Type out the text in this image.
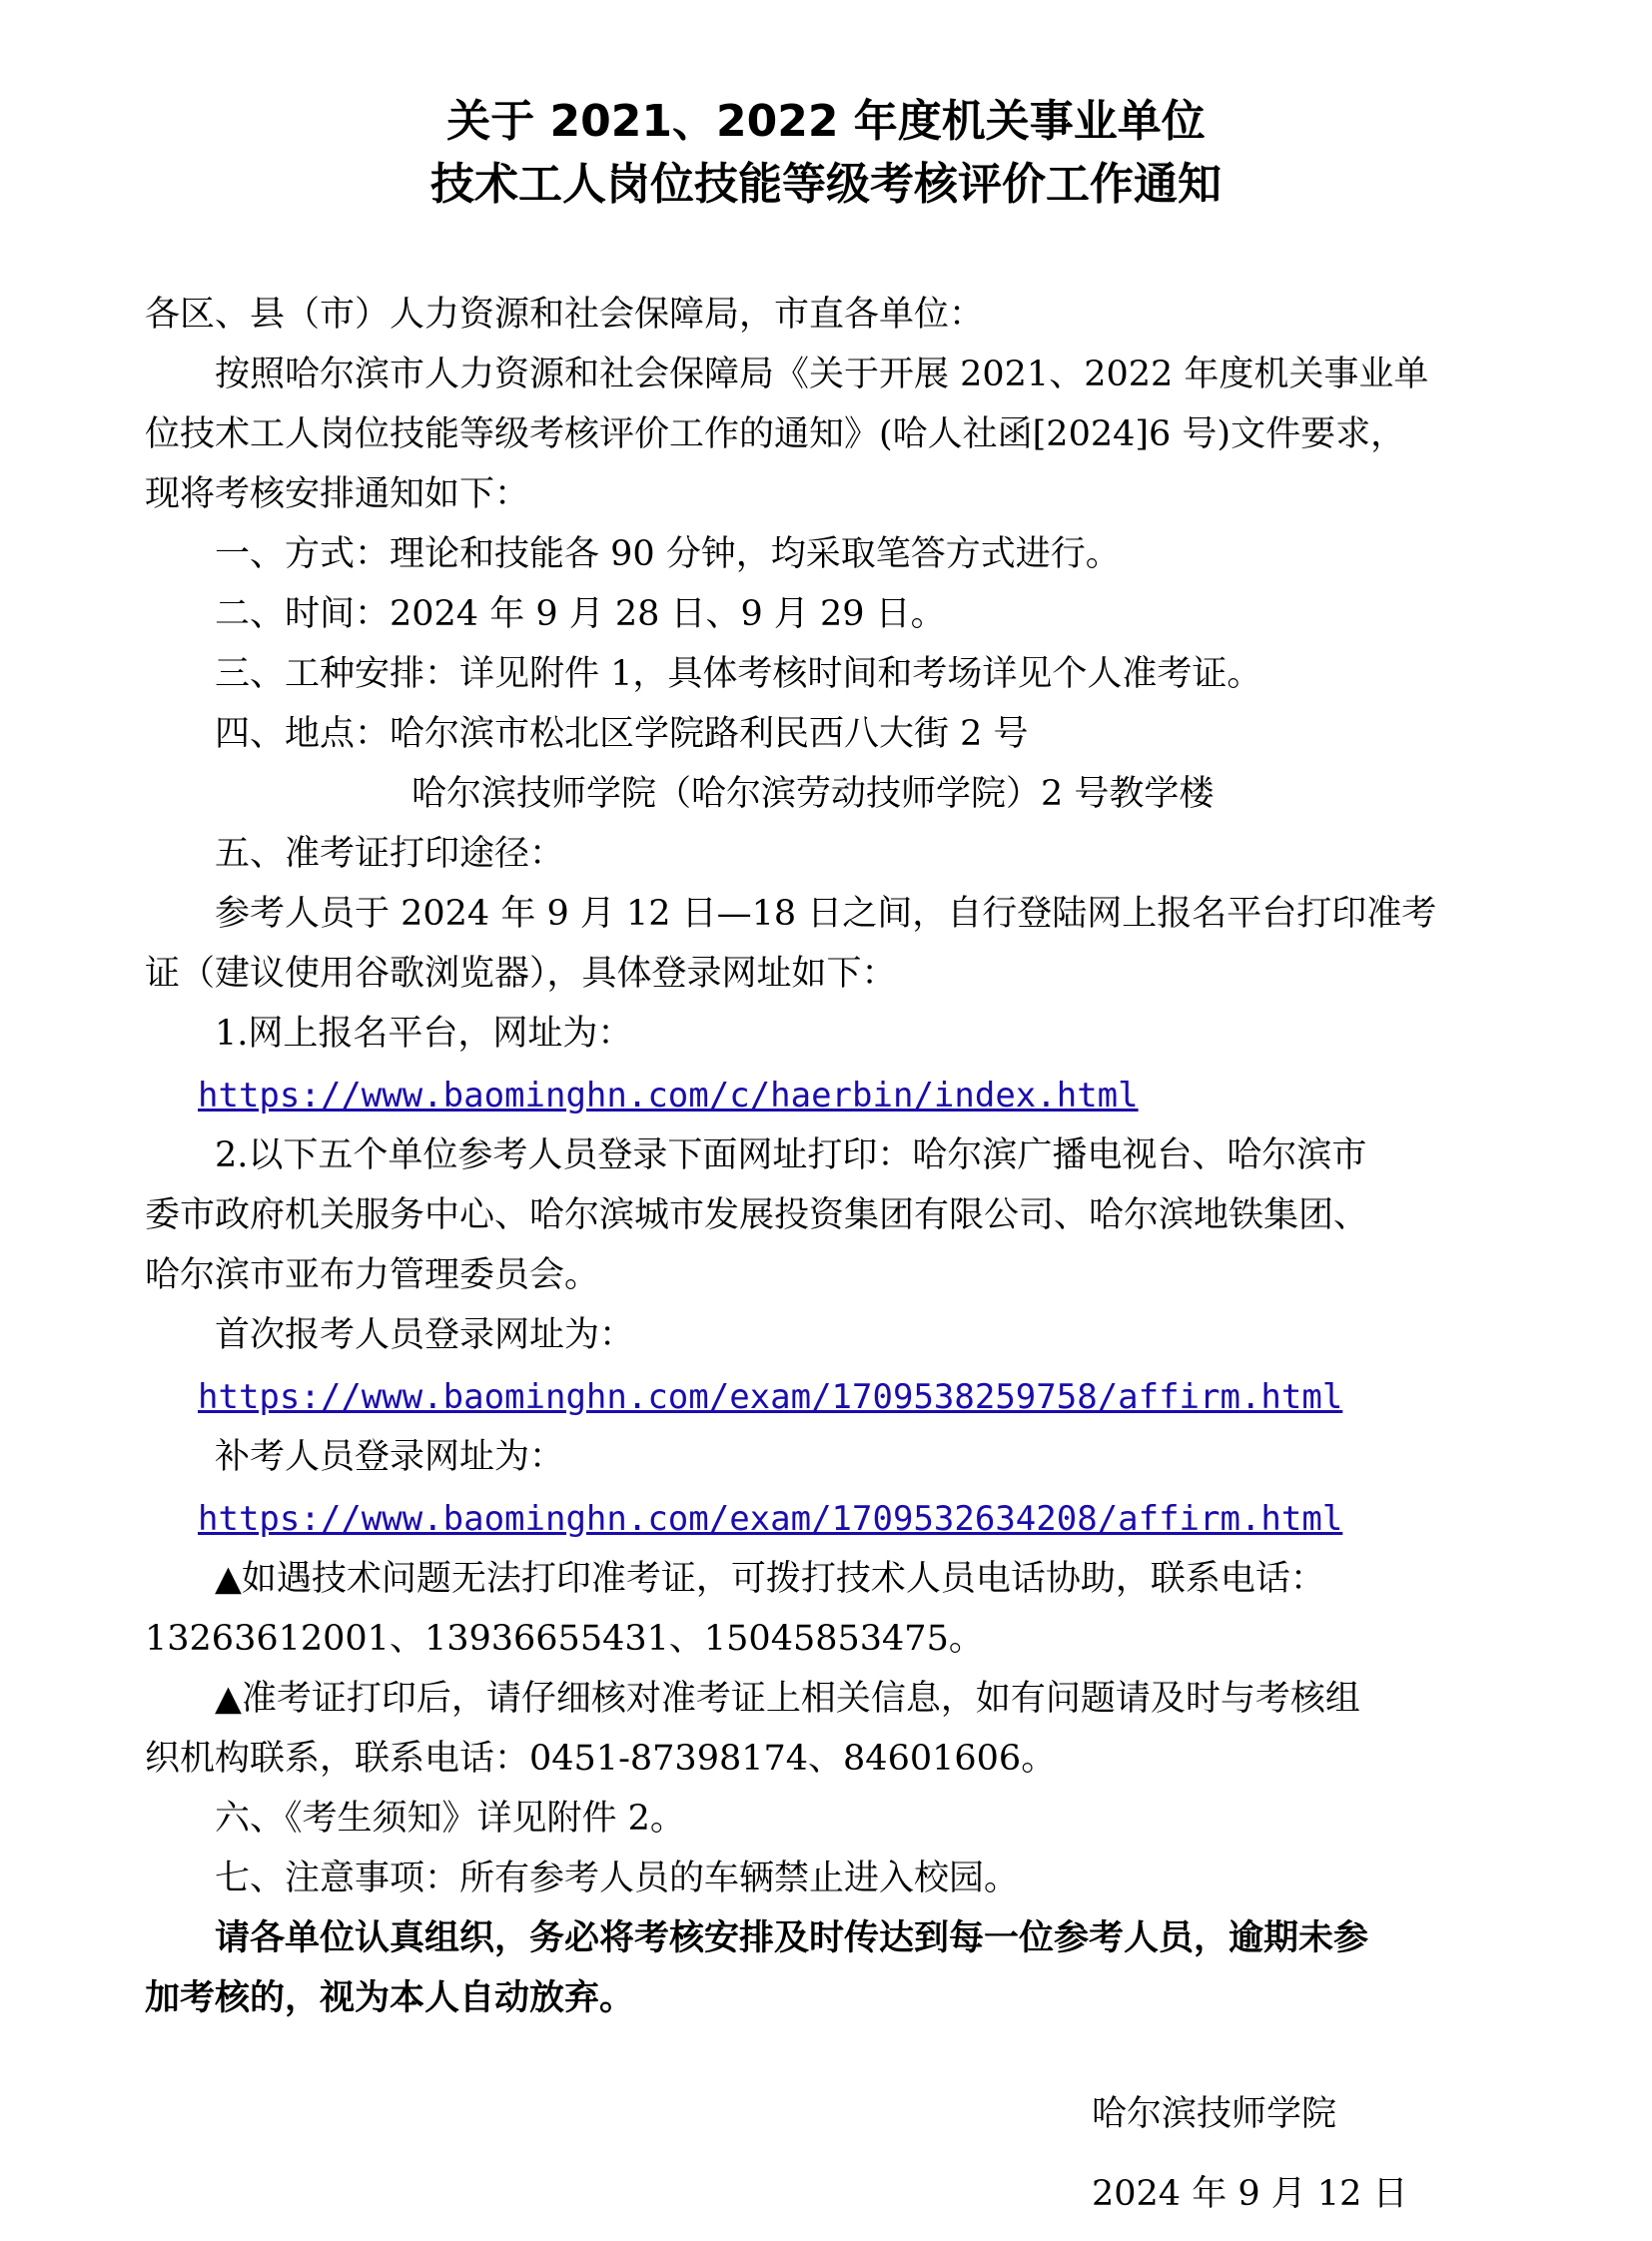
关于 2021、2022 年度机关事业单位
技术工人岗位技能等级考核评价工作通知
各区、县（市）人力资源和社会保障局，市直各单位：
按照哈尔滨市人力资源和社会保障局《关于开展 2021、2022 年度机关事业单
位技术工人岗位技能等级考核评价工作的通知》(哈人社函[2024]6 号)文件要求，
现将考核安排通知如下：
一、方式：理论和技能各 90 分钟，均采取笔答方式进行。
二、时间：2024 年 9 月 28 日、9 月 29 日。
三、工种安排：详见附件 1，具体考核时间和考场详见个人准考证。
四、地点：哈尔滨市松北区学院路利民西八大街 2 号
哈尔滨技师学院（哈尔滨劳动技师学院）2 号教学楼
五、准考证打印途径：
参考人员于 2024 年 9 月 12 日—18 日之间，自行登陆网上报名平台打印准考
证（建议使用谷歌浏览器），具体登录网址如下：
1.网上报名平台，网址为：
https://www.baominghn.com/c/haerbin/index.html
2.以下五个单位参考人员登录下面网址打印：哈尔滨广播电视台、哈尔滨市
委市政府机关服务中心、哈尔滨城市发展投资集团有限公司、哈尔滨地铁集团、
哈尔滨市亚布力管理委员会。
首次报考人员登录网址为：
https://www.baominghn.com/exam/1709538259758/affirm.html
补考人员登录网址为：
https://www.baominghn.com/exam/1709532634208/affirm.html
▲如遇技术问题无法打印准考证，可拨打技术人员电话协助，联系电话：
13263612001、13936655431、15045853475。
▲准考证打印后，请仔细核对准考证上相关信息，如有问题请及时与考核组
织机构联系，联系电话：0451-87398174、84601606。
六、《考生须知》详见附件 2。
七、注意事项：所有参考人员的车辆禁止进入校园。
请各单位认真组织，务必将考核安排及时传达到每一位参考人员，逾期未参
加考核的，视为本人自动放弃。
哈尔滨技师学院
2024 年 9 月 12 日
